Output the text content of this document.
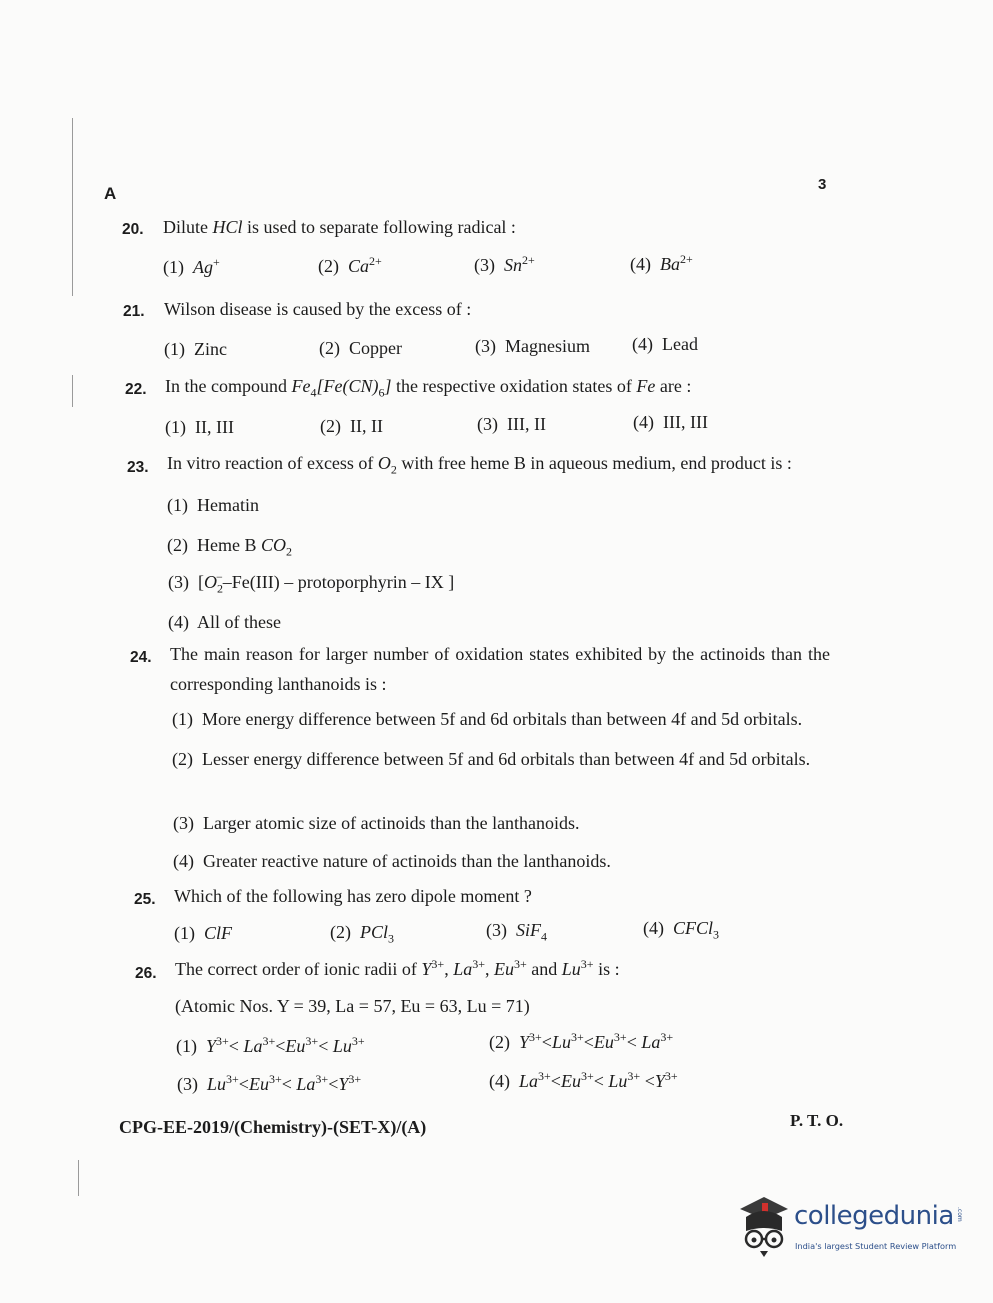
A	3
20. Dilute HCl is used to separate following radical :
(1) Ag+	(2) $Ca^{2+}$	(3) $Sn^{2+}$	(4) $Ba^{2+}$
21. Wilson disease is caused by the excess of :
(1) Zinc	(2) Copper	(3) Magnesium (4) Lead
22. In the compound $Fe_4[Fe(CN)_6]$ the respective oxidation states of Fe are :
(1) II, III	(2) II, II	(3) III, II	(4) III, III
23. In vitro reaction of excess of $O_2$ with free heme B in aqueous medium, end product is :
(1) Hematin
(2) Heme B $CO_2$
(3) [$O_2^--Fe(III)$ – protoporphyrin – IX ]
(4) All of these
24. The main reason for larger number of oxidation states exhibited by the actinoids than the corresponding lanthanoids is :
(1) More energy difference between 5f and 6d orbitals than between 4f and 5d orbitals.
(2) Lesser energy difference between 5f and 6d orbitals than between 4f and 5d orbitals.
(3) Larger atomic size of actinoids than the lanthanoids.
(4) Greater reactive nature of actinoids than the lanthanoids.
25. Which of the following has zero dipole moment ?
(1) ClF	(2) PCl$_3$	(3) SiF$_4$	(4) CFCl$_3$
26. The correct order of ionic radii of $Y^{3+}$, $La^{3+}$, $Eu^{3+}$ and $Lu^{3+}$ is :
(Atomic Nos. Y = 39, La = 57, Eu = 63, Lu = 71)
(1) $Y^{3+}< La^{3+}<Eu^{3+}< Lu^{3+}$	(2) $Y^{3+}<Lu^{3+}<Eu^{3+}< La^{3+}$
(3) $Lu^{3+}<Eu^{3+}< La^{3+}<Y^{3+}$	(4) $La^{3+}<Eu^{3+}< Lu^{3+} <Y^{3+}$
CPG-EE-2019/(Chemistry)-(SET-X)/(A)	P. T. O.
collegedunia .com
India's largest Student Review Platform
